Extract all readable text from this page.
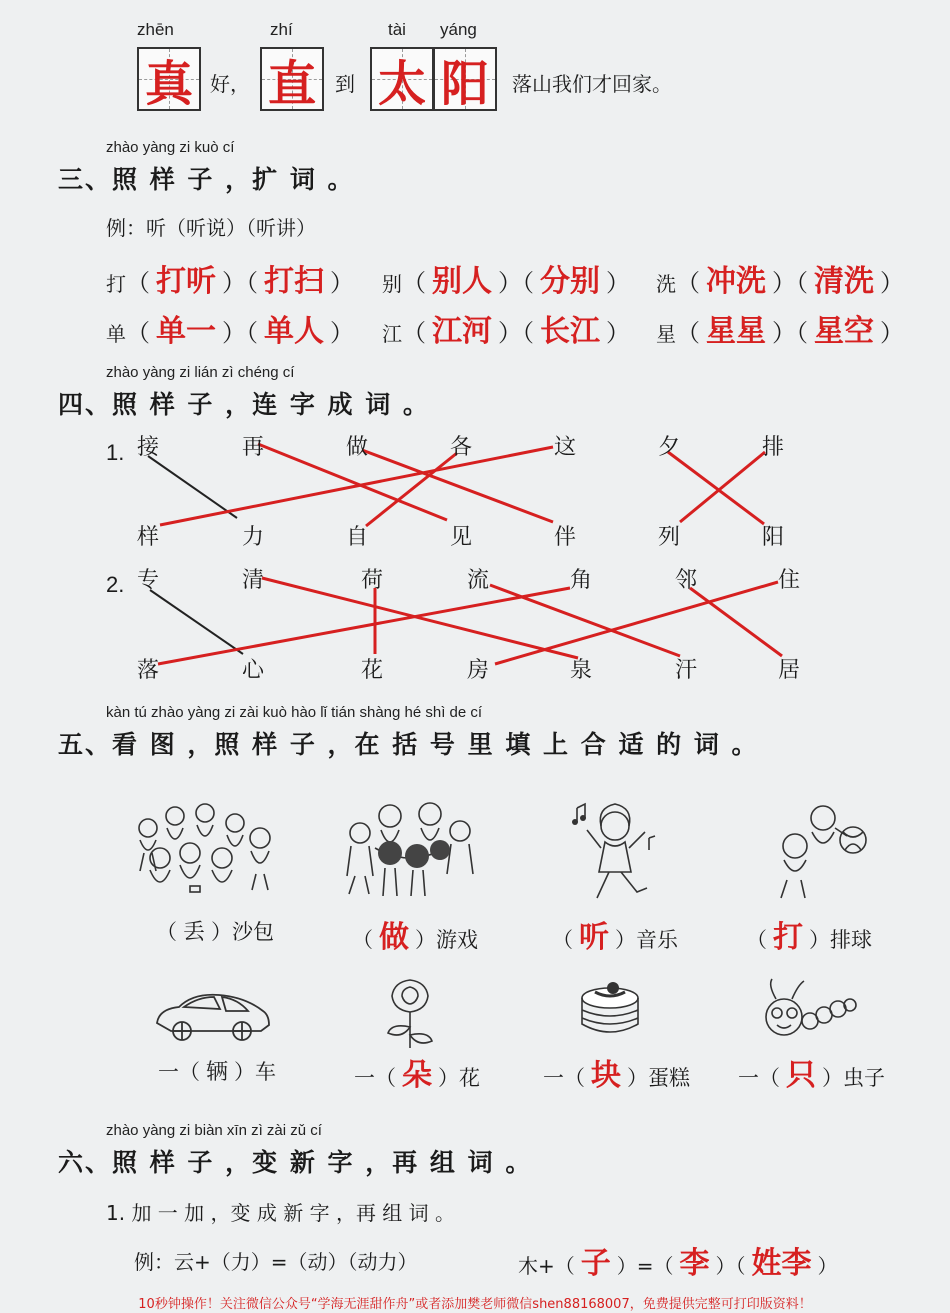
zhēn	zhí	tài yáng
真 好， 直 到 太 阳	落山我们才回家。
zhào yàng zi kuò cí
三、照 样 子 ，扩 词 。
例：听（听说）（听讲）
打（ 打听 ）（ 打扫 ） 别（ 别人 ）（ 分别 ） 洗（ 冲洗 ）（ 清洗 ）
单（ 单一 ）（ 单人 ） 江（ 江河 ）（ 长江 ） 星（ 星星 ）（ 星空 ）
zhào yàng zi lián zì chéng cí
四、照 样 子 ，连 字 成 词 。
1.
2.
接	再	做	各	这	夕	排
样	力	自	见	伴	列	阳
专	清	荷	流	角	邻	住
落	心	花	房	泉	汗	居
kàn tú zhào yàng zi zài kuò hào lǐ tián shàng hé shì de cí
五、看 图 ，照 样 子 ，在 括 号 里 填 上 合 适 的 词 。
（ 丢 ）沙包	（ 做 ）游戏	（ 听 ）音乐	（ 打 ）排球
一（ 辆 ）车	一（ 朵 ）花	一（ 块 ）蛋糕 一（ 只 ）虫子
zhào yàng zi biàn xīn zì zài zǔ cí
六、照 样 子 ，变 新 字 ，再 组 词 。
1. 加 一 加 ，变 成 新 字 ，再 组 词 。
例：云+（力）=（动）（动力）	木+（ 子 ）=（ 李 ）（ 姓李 ）
10秒钟操作！关注微信公众号“学海无涯甜作舟”或者添加樊老师微信shen88168007，免费提供完整可打印版资料！
